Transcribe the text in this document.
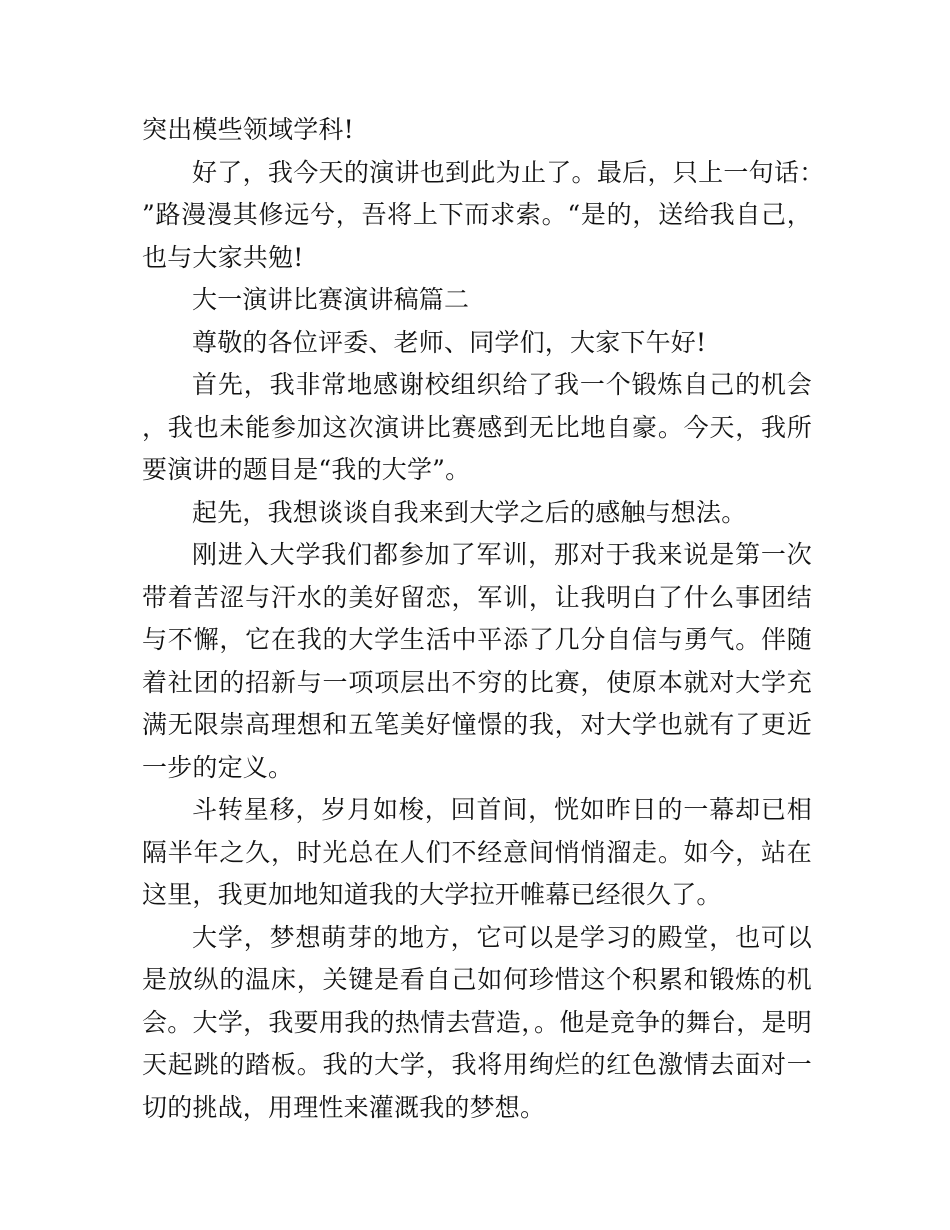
突出模些领域学科!

好了，我今天的演讲也到此为止了。最后，只上一句话：”路漫漫其修远兮，吾将上下而求索。“是的，送给我自己，也与大家共勉!

大一演讲比赛演讲稿篇二

尊敬的各位评委、老师、同学们，大家下午好!

首先，我非常地感谢校组织给了我一个锻炼自己的机会，我也未能参加这次演讲比赛感到无比地自豪。今天，我所要演讲的题目是“我的大学”。

起先，我想谈谈自我来到大学之后的感触与想法。

刚进入大学我们都参加了军训，那对于我来说是第一次带着苦涩与汗水的美好留恋，军训，让我明白了什么事团结与不懈，它在我的大学生活中平添了几分自信与勇气。伴随着社团的招新与一项项层出不穷的比赛，使原本就对大学充满无限崇高理想和五笔美好憧憬的我，对大学也就有了更近一步的定义。

斗转星移，岁月如梭，回首间，恍如昨日的一幕却已相隔半年之久，时光总在人们不经意间悄悄溜走。如今，站在这里，我更加地知道我的大学拉开帷幕已经很久了。

大学，梦想萌芽的地方，它可以是学习的殿堂，也可以是放纵的温床，关键是看自己如何珍惜这个积累和锻炼的机会。大学，我要用我的热情去营造，。他是竞争的舞台，是明天起跳的踏板。我的大学，我将用绚烂的红色激情去面对一切的挑战，用理性来灌溉我的梦想。
